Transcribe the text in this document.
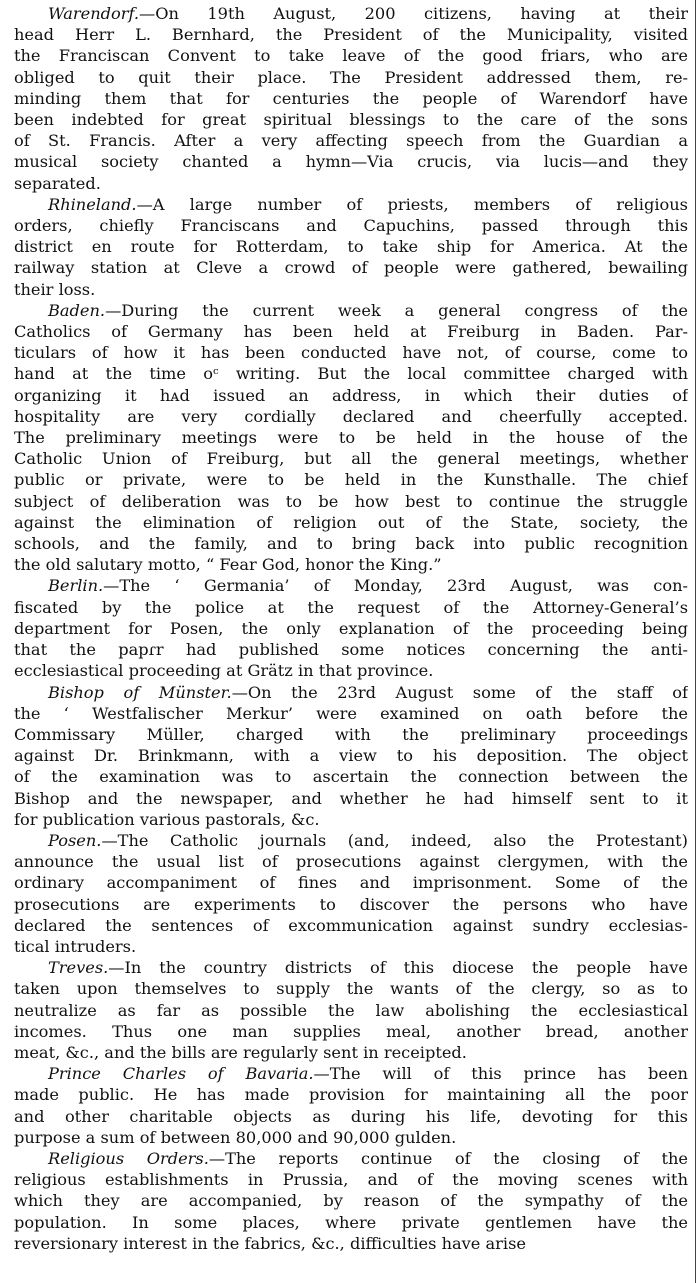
Warendorf.—On 19th August, 200 citizens, having at their
head Herr L. Bernhard, the President of the Municipality, visited
the Franciscan Convent to take leave of the good friars, who are
obliged to quit their place. The President addressed them, re-
minding them that for centuries the people of Warendorf have
been indebted for great spiritual blessings to the care of the sons
of St. Francis. After a very affecting speech from the Guardian a
musical society chanted a hymn—Via crucis, via lucis—and they
separated.
Rhineland.—A large number of priests, members of religious
orders, chiefly Franciscans and Capuchins, passed through this
district en route for Rotterdam, to take ship for America. At the
railway station at Cleve a crowd of people were gathered, bewailing
their loss.
Baden.—During the current week a general congress of the
Catholics of Germany has been held at Freiburg in Baden. Par-
ticulars of how it has been conducted have not, of course, come to
hand at the time oᶜ writing. But the local committee charged with
organizing it hᴀd issued an address, in which their duties of
hospitality are very cordially declared and cheerfully accepted.
The preliminary meetings were to be held in the house of the
Catholic Union of Freiburg, but all the general meetings, whether
public or private, were to be held in the Kunsthalle. The chief
subject of deliberation was to be how best to continue the struggle
against the elimination of religion out of the State, society, the
schools, and the family, and to bring back into public recognition
the old salutary motto, “ Fear God, honor the King.”
Berlin.—The ‘ Germania’ of Monday, 23rd August, was con-
fiscated by the police at the request of the Attorney-General’s
department for Posen, the only explanation of the proceeding being
that the papɾr had published some notices concerning the anti-
ecclesiastical proceeding at Grätz in that province.
Bishop of Münster.—On the 23rd August some of the staff of
the ‘ Westfalischer Merkur’ were examined on oath before the
Commissary Müller, charged with the preliminary proceedings
against Dr. Brinkmann, with a view to his deposition. The object
of the examination was to ascertain the connection between the
Bishop and the newspaper, and whether he had himself sent to it
for publication various pastorals, &c.
Posen.—The Catholic journals (and, indeed, also the Protestant)
announce the usual list of prosecutions against clergymen, with the
ordinary accompaniment of fines and imprisonment. Some of the
prosecutions are experiments to discover the persons who have
declared the sentences of excommunication against sundry ecclesias-
tical intruders.
Treves.—In the country districts of this diocese the people have
taken upon themselves to supply the wants of the clergy, so as to
neutralize as far as possible the law abolishing the ecclesiastical
incomes. Thus one man supplies meal, another bread, another
meat, &c., and the bills are regularly sent in receipted.
Prince Charles of Bavaria.—The will of this prince has been
made public. He has made provision for maintaining all the poor
and other charitable objects as during his life, devoting for this
purpose a sum of between 80,000 and 90,000 gulden.
Religious Orders.—The reports continue of the closing of the
religious establishments in Prussia, and of the moving scenes with
which they are accompanied, by reason of the sympathy of the
population. In some places, where private gentlemen have the
reversionary interest in the fabrics, &c., difficulties have arise
